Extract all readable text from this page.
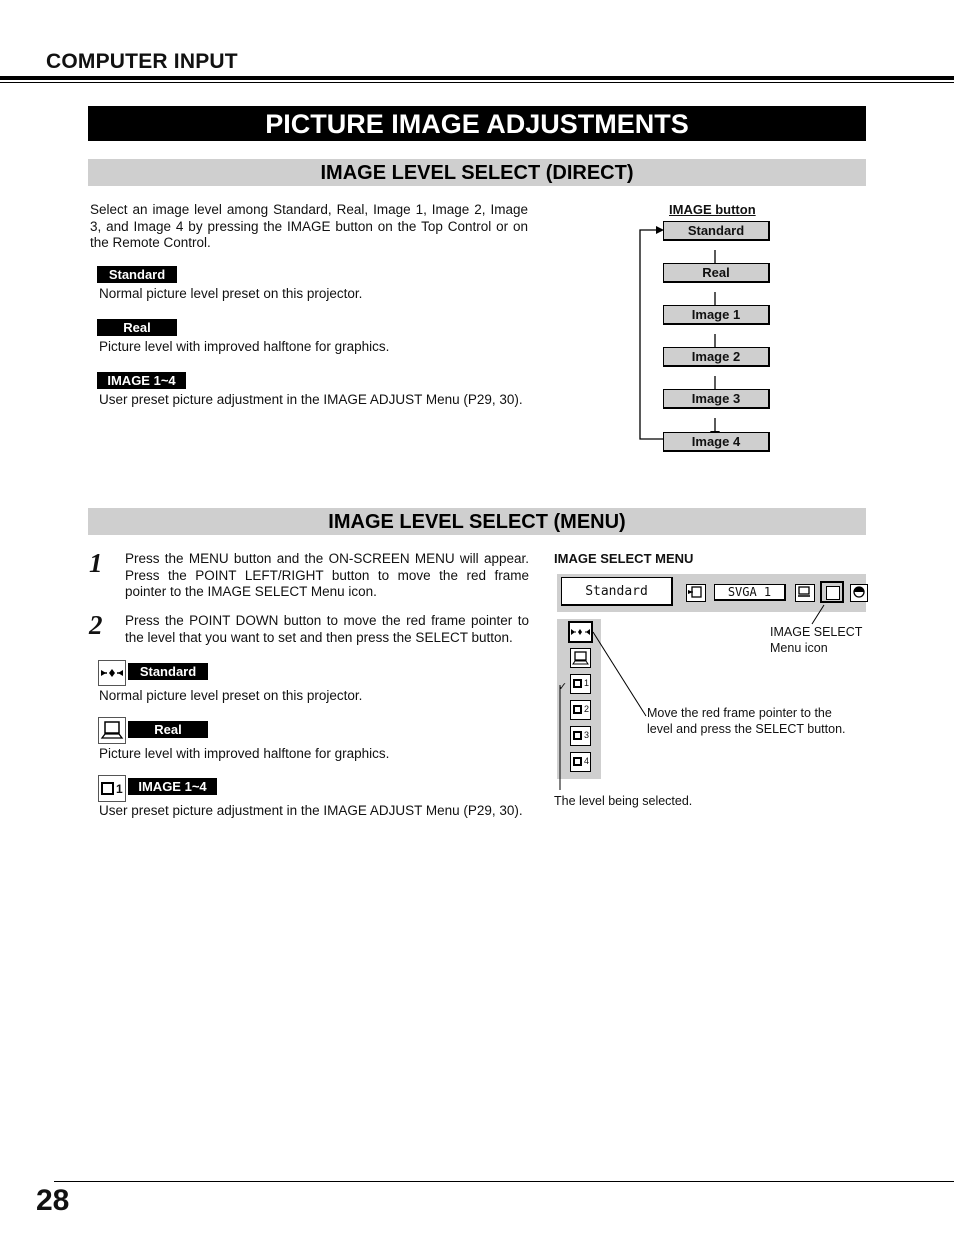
COMPUTER INPUT
PICTURE IMAGE ADJUSTMENTS
IMAGE LEVEL SELECT (DIRECT)
Select an image level among Standard, Real, Image 1, Image 2, Image 3, and Image 4 by pressing the IMAGE button on the Top Control or on the Remote Control.
Standard
Normal picture level preset on this projector.
Real
Picture level with improved halftone for graphics.
IMAGE 1~4
User preset picture adjustment in the IMAGE ADJUST Menu (P29, 30).
IMAGE button
Standard
Real
Image 1
Image 2
Image 3
Image 4
IMAGE LEVEL SELECT (MENU)
1 Press the MENU button and the ON-SCREEN MENU will appear. Press the POINT LEFT/RIGHT button to move the red frame pointer to the IMAGE SELECT Menu icon.
2 Press the POINT DOWN button to move the red frame pointer to the level that you want to set and then press the SELECT button.
Standard
Normal picture level preset on this projector.
Real
Picture level with improved halftone for graphics.
1	IMAGE 1~4
User preset picture adjustment in the IMAGE ADJUST Menu (P29, 30).
IMAGE SELECT MENU
Standard	SVGA 1
1
2
3
4
✓
IMAGE SELECT Menu icon
Move the red frame pointer to the level and press the SELECT button.
The level being selected.
28
